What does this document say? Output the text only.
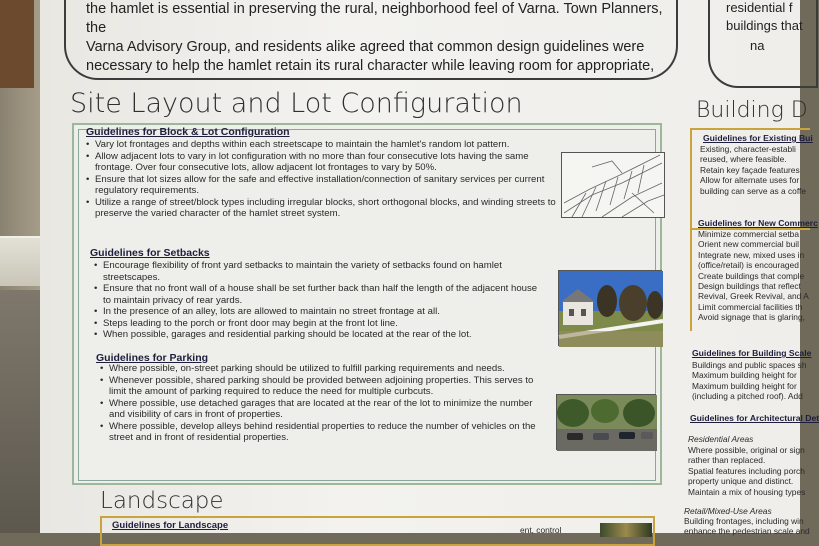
the hamlet is essential in preserving the rural, neighborhood feel of Varna. Town Planners, the
Varna Advisory Group, and residents alike agreed that common design guidelines were
necessary to help the hamlet retain its rural character while leaving room for appropriate,

residential f
buildings that
na
Site Layout and Lot Configuration
Guidelines for Block & Lot Configuration
• Vary lot frontages and depths within each streetscape to maintain the hamlet's random lot pattern.
• Allow adjacent lots to vary in lot configuration with no more than four consecutive lots having the same frontage. Over four consecutive lots, allow adjacent lot frontages to vary by 50%.
• Ensure that lot sizes allow for the safe and effective installation/connection of sanitary services per current regulatory requirements.
• Utilize a range of street/block types including irregular blocks, short orthogonal blocks, and winding streets to preserve the varied character of the hamlet street system.
Guidelines for Setbacks
• Encourage flexibility of front yard setbacks to maintain the variety of setbacks found on hamlet streetscapes.
• Ensure that no front wall of a house shall be set further back than half the length of the adjacent house to maintain privacy of rear yards.
• In the presence of an alley, lots are allowed to maintain no street frontage at all.
• Steps leading to the porch or front door may begin at the front lot line.
• When possible, garages and residential parking should be located at the rear of the lot.
Guidelines for Parking
• Where possible, on-street parking should be utilized to fulfill parking requirements and needs.
• Whenever possible, shared parking should be provided between adjoining properties. This serves to limit the amount of parking required to reduce the need for multiple curbcuts.
• Where possible, use detached garages that are located at the rear of the lot to minimize the number and visibility of cars in front of properties.
• Where possible, develop alleys behind residential properties to reduce the number of vehicles on the street and in front of residential properties.
Landscape
Guidelines for Landscape	ent, control
Building D
Guidelines for Existing Bui
Existing, character-establi
reused, where feasible.
Retain key façade features
Allow for alternate uses for
building can serve as a coffe
Guidelines for New Commerc
Minimize commercial setba
Orient new commercial buil
Integrate new, mixed uses in
(office/retail) is encouraged
Create buildings that comple
Design buildings that reflect
Revival, Greek Revival, and A
Limit commercial facilities th
Avoid signage that is glaring,
Guidelines for Building Scale
Buildings and public spaces sh
Maximum building height for
Maximum building height for
(including a pitched roof). Add
Guidelines for Architectural Det
Residential Areas
Where possible, original or sign
rather than replaced.
Spatial features including porch
property unique and distinct.
Maintain a mix of housing types
Retail/Mixed-Use Areas
Building frontages, including win
enhance the pedestrian scale and
